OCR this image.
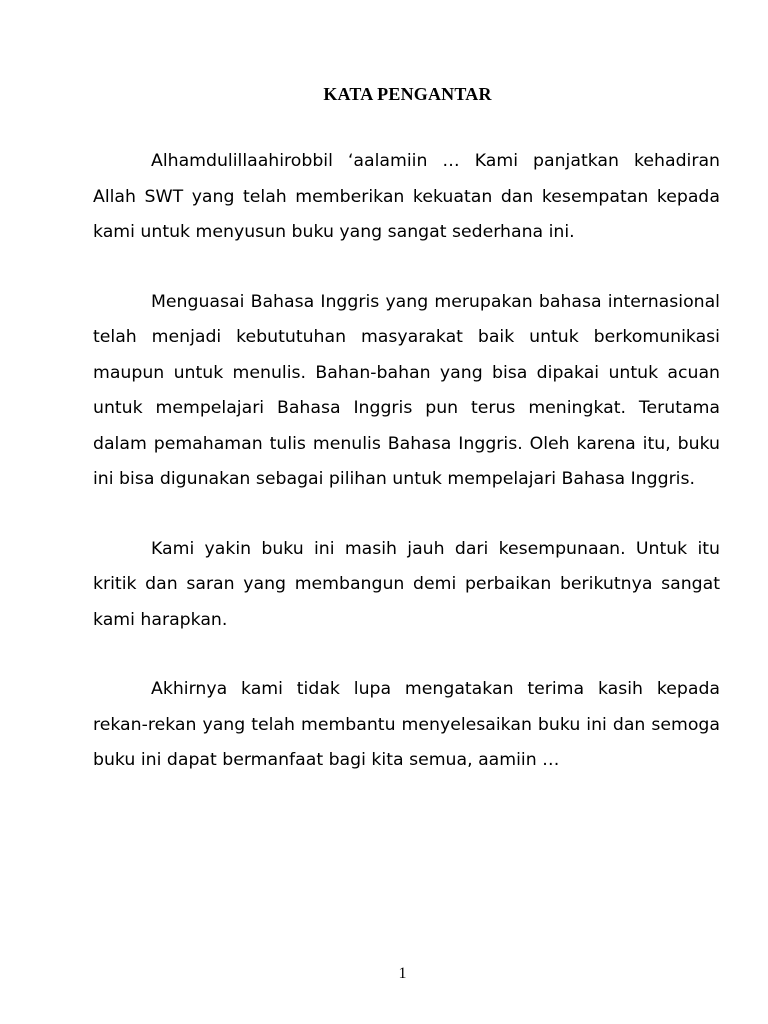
KATA PENGANTAR

Alhamdulillaahirobbil ‘aalamiin … Kami panjatkan kehadiran Allah SWT yang telah memberikan kekuatan dan kesempatan kepada kami untuk menyusun buku yang sangat sederhana ini.

Menguasai Bahasa Inggris yang merupakan bahasa internasional telah menjadi kebututuhan masyarakat baik untuk berkomunikasi maupun untuk menulis. Bahan-bahan yang bisa dipakai untuk acuan untuk mempelajari Bahasa Inggris pun terus meningkat. Terutama dalam pemahaman tulis menulis Bahasa Inggris. Oleh karena itu, buku ini bisa digunakan sebagai pilihan untuk mempelajari Bahasa Inggris.

Kami yakin buku ini masih jauh dari kesempunaan. Untuk itu kritik dan saran yang membangun demi perbaikan berikutnya sangat kami harapkan.

Akhirnya kami tidak lupa mengatakan terima kasih kepada rekan-rekan yang telah membantu menyelesaikan buku ini dan semoga buku ini dapat bermanfaat bagi kita semua, aamiin …

1
